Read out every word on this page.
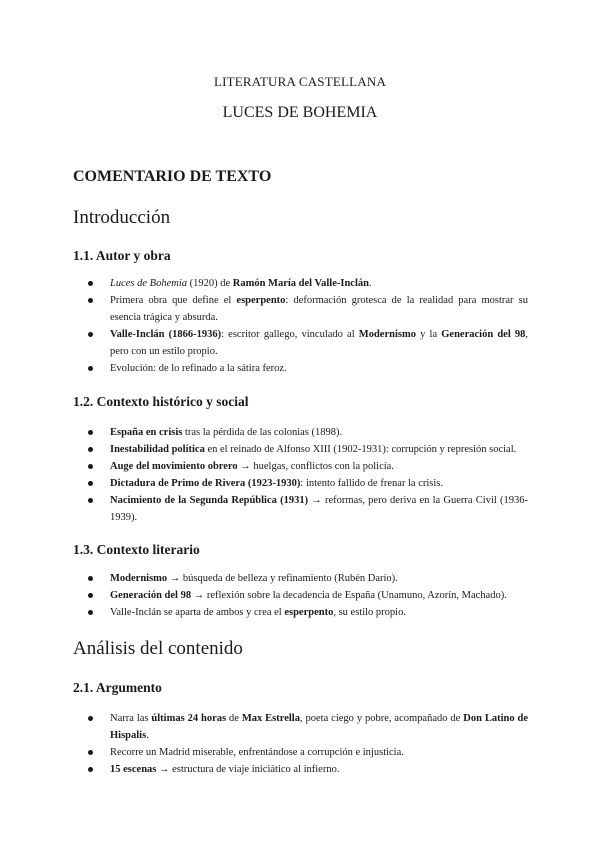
LITERATURA CASTELLANA
LUCES DE BOHEMIA
COMENTARIO DE TEXTO
Introducción
1.1. Autor y obra
Luces de Bohemia (1920) de Ramón María del Valle-Inclán.
Primera obra que define el esperpento: deformación grotesca de la realidad para mostrar su esencia trágica y absurda.
Valle-Inclán (1866-1936): escritor gallego, vinculado al Modernismo y la Generación del 98, pero con un estilo propio.
Evolución: de lo refinado a la sátira feroz.
1.2. Contexto histórico y social
España en crisis tras la pérdida de las colonias (1898).
Inestabilidad política en el reinado de Alfonso XIII (1902-1931): corrupción y represión social.
Auge del movimiento obrero → huelgas, conflictos con la policía.
Dictadura de Primo de Rivera (1923-1930): intento fallido de frenar la crisis.
Nacimiento de la Segunda República (1931) → reformas, pero deriva en la Guerra Civil (1936-1939).
1.3. Contexto literario
Modernismo → búsqueda de belleza y refinamiento (Rubén Darío).
Generación del 98 → reflexión sobre la decadencia de España (Unamuno, Azorín, Machado).
Valle-Inclán se aparta de ambos y crea el esperpento, su estilo propio.
Análisis del contenido
2.1. Argumento
Narra las últimas 24 horas de Max Estrella, poeta ciego y pobre, acompañado de Don Latino de Hispalis.
Recorre un Madrid miserable, enfrentándose a corrupción e injusticia.
15 escenas → estructura de viaje iniciático al infierno.
